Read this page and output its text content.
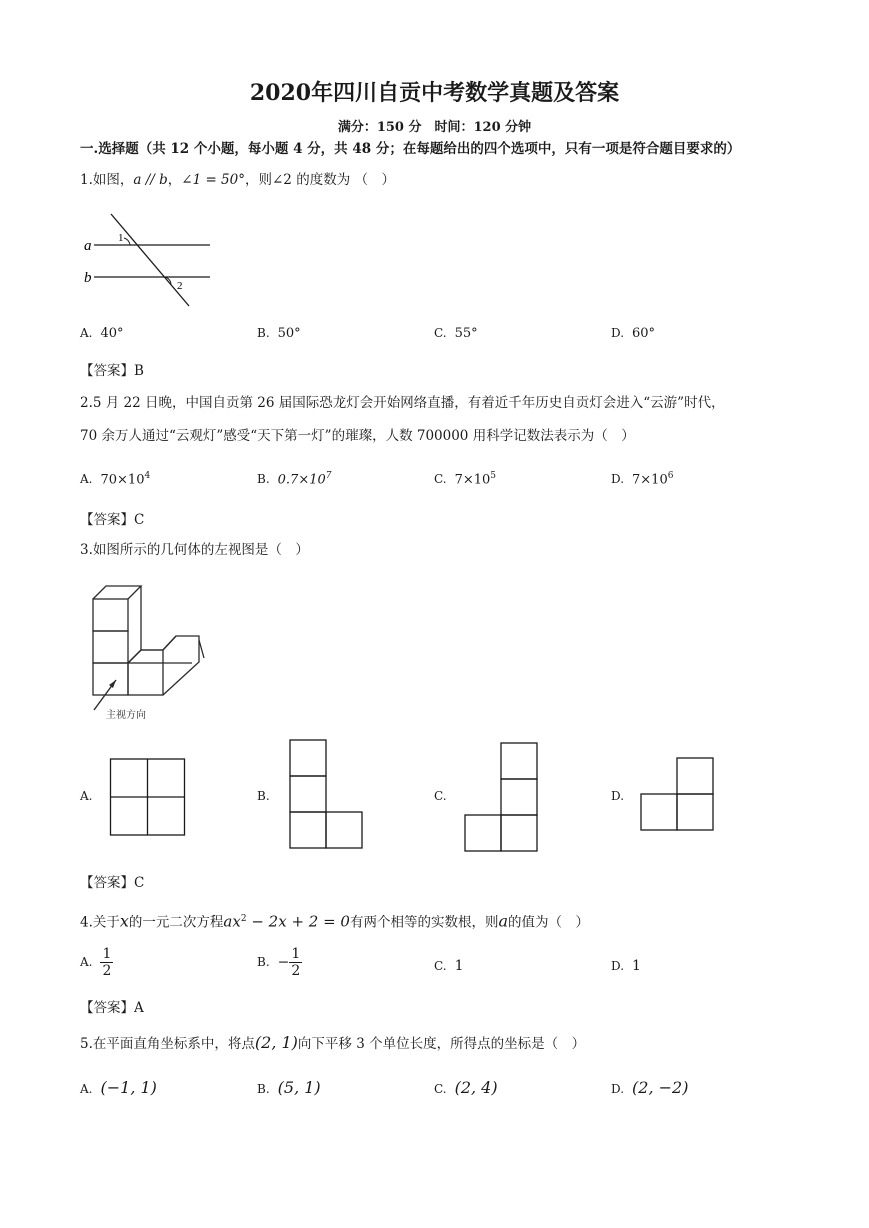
2020年四川自贡中考数学真题及答案
满分：150 分　时间：120 分钟
一.选择题（共 12 个小题，每小题 4 分，共 48 分；在每题给出的四个选项中，只有一项是符合题目要求的）
1.如图，a // b，∠1 = 50°，则∠2 的度数为 （　）
a
b
1
2
A. 40°	B. 50°	C. 55°	D. 60°
【答案】B
2.5 月 22 日晚，中国自贡第 26 届国际恐龙灯会开始网络直播，有着近千年历史自贡灯会进入“云游”时代，
70 余万人通过“云观灯”感受“天下第一灯”的璀璨，人数 700000 用科学记数法表示为（　）
A. $70\times 10^4$	B. $0.7\times 10^7$	C. $7\times 10^5$	D. $7\times 10^6$
【答案】C
3.如图所示的几何体的左视图是（　）
主视方向
A.	B.	C.	D.
【答案】C
4.关于x的一元二次方程$ax^2 - 2x + 2 = 0$有两个相等的实数根，则a的值为（　）
A. $\frac{1}{2}$	B. − $\frac{1}{2}$	C. 1	D. 1
【答案】A
5.在平面直角坐标系中，将点(2, 1)向下平移 3 个单位长度，所得点的坐标是（　）
A. (−1, 1)	B. (5, 1)	C. (2, 4)	D. (2, −2)
